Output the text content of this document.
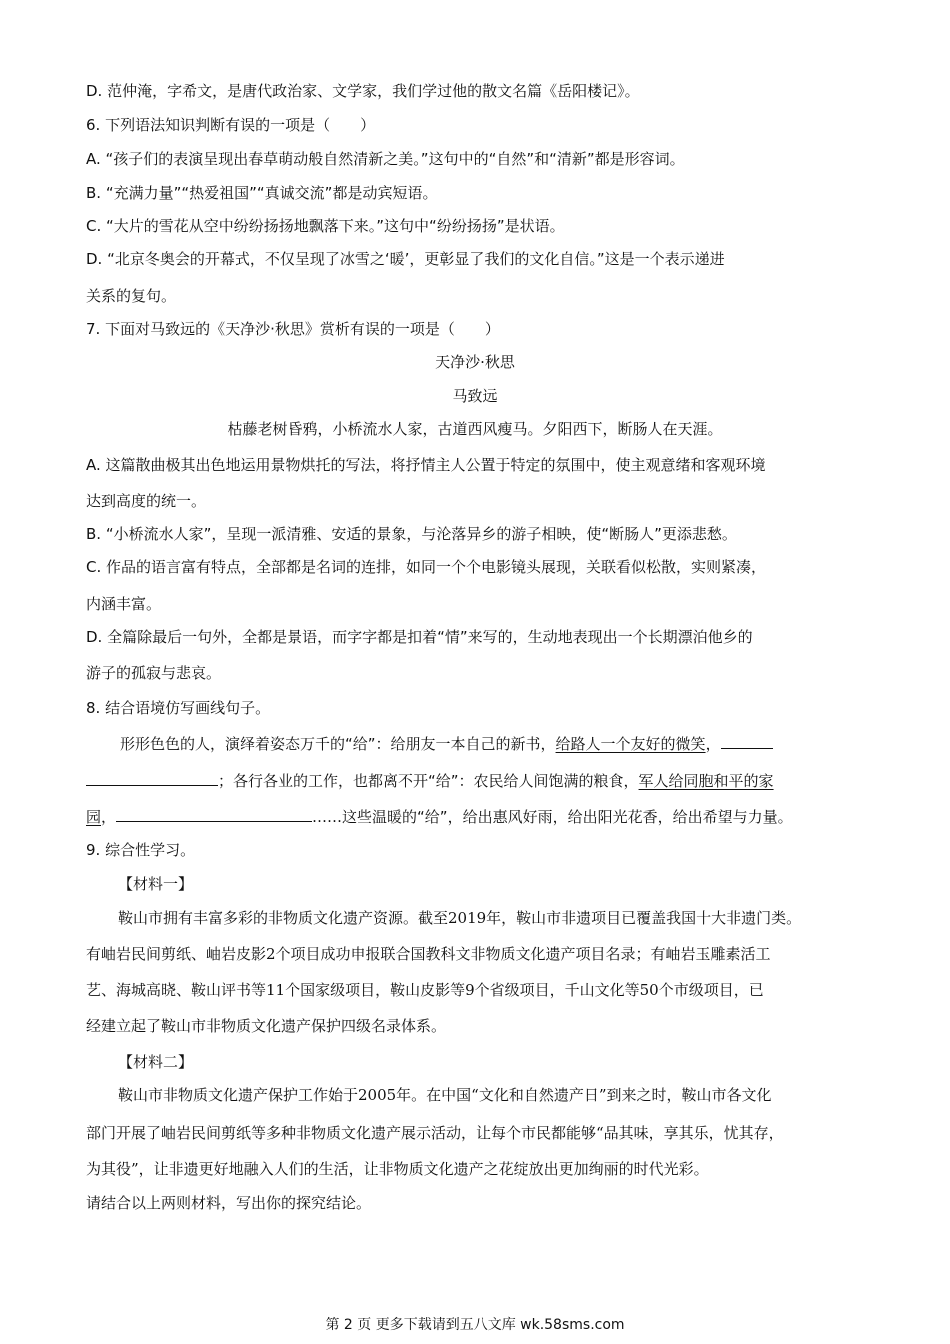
D. 范仲淹，字希文，是唐代政治家、文学家，我们学过他的散文名篇《岳阳楼记》。
6. 下列语法知识判断有误的一项是（　　）
A. “孩子们的表演呈现出春草萌动般自然清新之美。”这句中的“自然”和“清新”都是形容词。
B. “充满力量”“热爱祖国”“真诚交流”都是动宾短语。
C. “大片的雪花从空中纷纷扬扬地飘落下来。”这句中“纷纷扬扬”是状语。
D. “北京冬奥会的开幕式，不仅呈现了冰雪之‘暖’，更彰显了我们的文化自信。”这是一个表示递进
关系的复句。
7. 下面对马致远的《天净沙·秋思》赏析有误的一项是（　　）
天净沙·秋思
马致远
枯藤老树昏鸦，小桥流水人家，古道西风瘦马。夕阳西下，断肠人在天涯。
A. 这篇散曲极其出色地运用景物烘托的写法，将抒情主人公置于特定的氛围中，使主观意绪和客观环境
达到高度的统一。
B. “小桥流水人家”，呈现一派清雅、安适的景象，与沦落异乡的游子相映，使“断肠人”更添悲愁。
C. 作品的语言富有特点，全部都是名词的连排，如同一个个电影镜头展现，关联看似松散，实则紧凑，
内涵丰富。
D. 全篇除最后一句外，全都是景语，而字字都是扣着“情”来写的，生动地表现出一个长期漂泊他乡的
游子的孤寂与悲哀。
8. 结合语境仿写画线句子。
形形色色的人，演绎着姿态万千的“给”：给朋友一本自己的新书，给路人一个友好的微笑，
；各行各业的工作，也都离不开“给”：农民给人间饱满的粮食，军人给同胞和平的家
园，	……这些温暖的“给”，给出惠风好雨，给出阳光花香，给出希望与力量。
9. 综合性学习。
【材料一】
鞍山市拥有丰富多彩的非物质文化遗产资源。截至2019年，鞍山市非遗项目已覆盖我国十大非遗门类。
有岫岩民间剪纸、岫岩皮影2个项目成功申报联合国教科文非物质文化遗产项目名录；有岫岩玉雕素活工
艺、海城高晓、鞍山评书等11个国家级项目，鞍山皮影等9个省级项目，千山文化等50个市级项目，已
经建立起了鞍山市非物质文化遗产保护四级名录体系。
【材料二】
鞍山市非物质文化遗产保护工作始于2005年。在中国“文化和自然遗产日”到来之时，鞍山市各文化
部门开展了岫岩民间剪纸等多种非物质文化遗产展示活动，让每个市民都能够“品其味，享其乐，忧其存，
为其役”，让非遗更好地融入人们的生活，让非物质文化遗产之花绽放出更加绚丽的时代光彩。
请结合以上两则材料，写出你的探究结论。
第 2 页 更多下载请到五八文库 wk.58sms.com
